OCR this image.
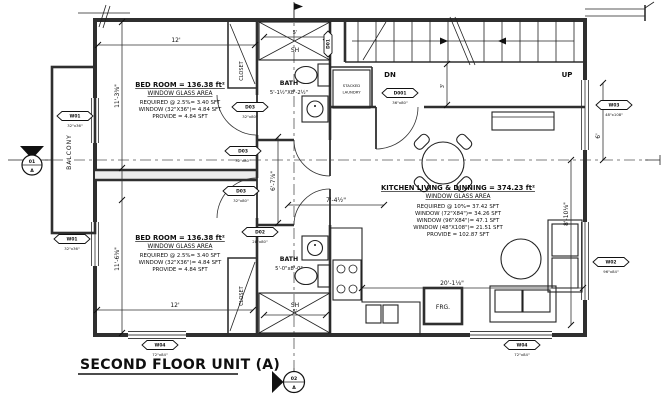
BALCONY
DN	UP
SH
BATH
5'-1½"X8'-2½"
SH
BATH
5'-0"x8'-0"
STACKED
LAUNDRY
FRG.
12'
12'
11'-3⅜"
11'-6⅜"
7'-4½"
6'-7⅞"
3'
20'-1⅛"
6'
8'-10⅛"
5'
5'
BED ROOM = 136.38 ft²
WINDOW GLASS AREA
REQUIRED @ 2.5%= 3.40 SFT
WINDOW (32"X36")= 4.84 SFT
PROVIDE = 4.84 SFT
BED ROOM = 136.38 ft²
WINDOW GLASS AREA
REQUIRED @ 2.5%= 3.40 SFT
WINDOW (32"X36")= 4.84 SFT
PROVIDE = 4.84 SFT
KITCHEN LIVING & DINNING = 374.23 ft²
WINDOW GLASS AREA
REQUIRED @ 10%= 37.42 SFT
WINDOW (72"X84")= 34.26 SFT
WINDOW (96"X84")= 47.1 SFT
WINDOW (48"X108")= 21.51 SFT
PROVIDE = 102.87 SFT
CLOSET
CLOSET
W01
32"x36"
W01
32"x36"
W04
72"x84"
W04
72"x84"
W02
96"x84"
W03
48"x108"
D001
36"x80"
D03
32"x80"
D03
32"x80"
D03
32"x80"
D02
28"x80"
D01
01
A
02
A
SECOND FLOOR UNIT (A)
